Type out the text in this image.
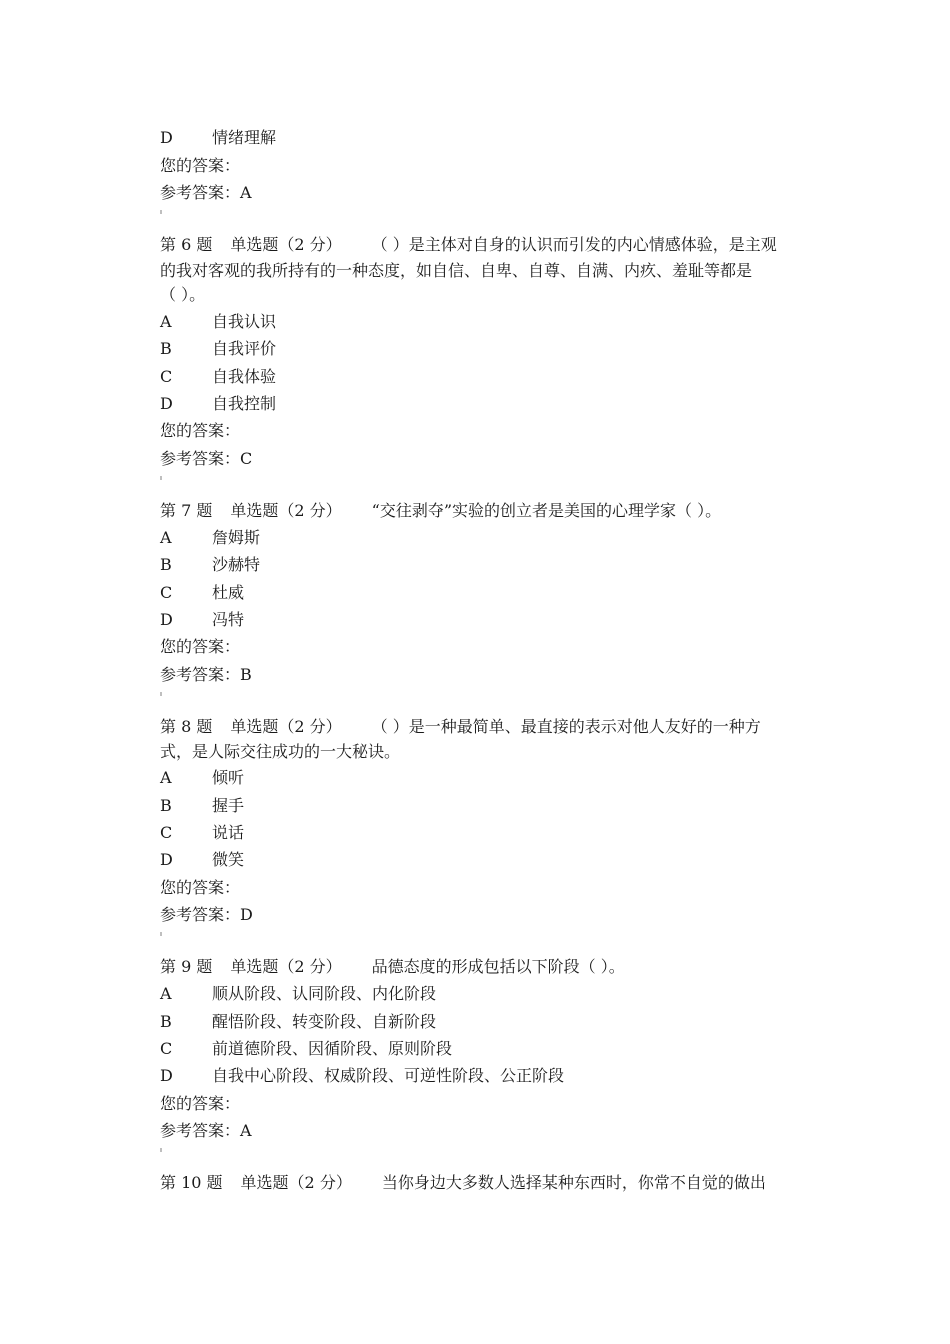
D 情绪理解
您的答案：
参考答案：A
第 6 题 单选题（2 分） （ ）是主体对自身的认识而引发的内心情感体验，是主观
的我对客观的我所持有的一种态度，如自信、自卑、自尊、自满、内疚、羞耻等都是
（ ）。
A	自我认识
B	自我评价
C 自我体验
D 自我控制
您的答案：
参考答案：C
第 7 题 单选题（2 分） “交往剥夺”实验的创立者是美国的心理学家（ ）。
A	詹姆斯
B	沙赫特
C 杜威
D 冯特
您的答案：
参考答案：B
第 8 题 单选题（2 分） （ ）是一种最简单、最直接的表示对他人友好的一种方
式，是人际交往成功的一大秘诀。
A	倾听
B	握手
C 说话
D 微笑
您的答案：
参考答案：D
第 9 题 单选题（2 分） 品德态度的形成包括以下阶段（ ）。
A	顺从阶段、认同阶段、内化阶段
B	醒悟阶段、转变阶段、自新阶段
C 前道德阶段、因循阶段、原则阶段
D 自我中心阶段、权威阶段、可逆性阶段、公正阶段
您的答案：
参考答案：A
第 10 题 单选题（2 分） 当你身边大多数人选择某种东西时，你常不自觉的做出
